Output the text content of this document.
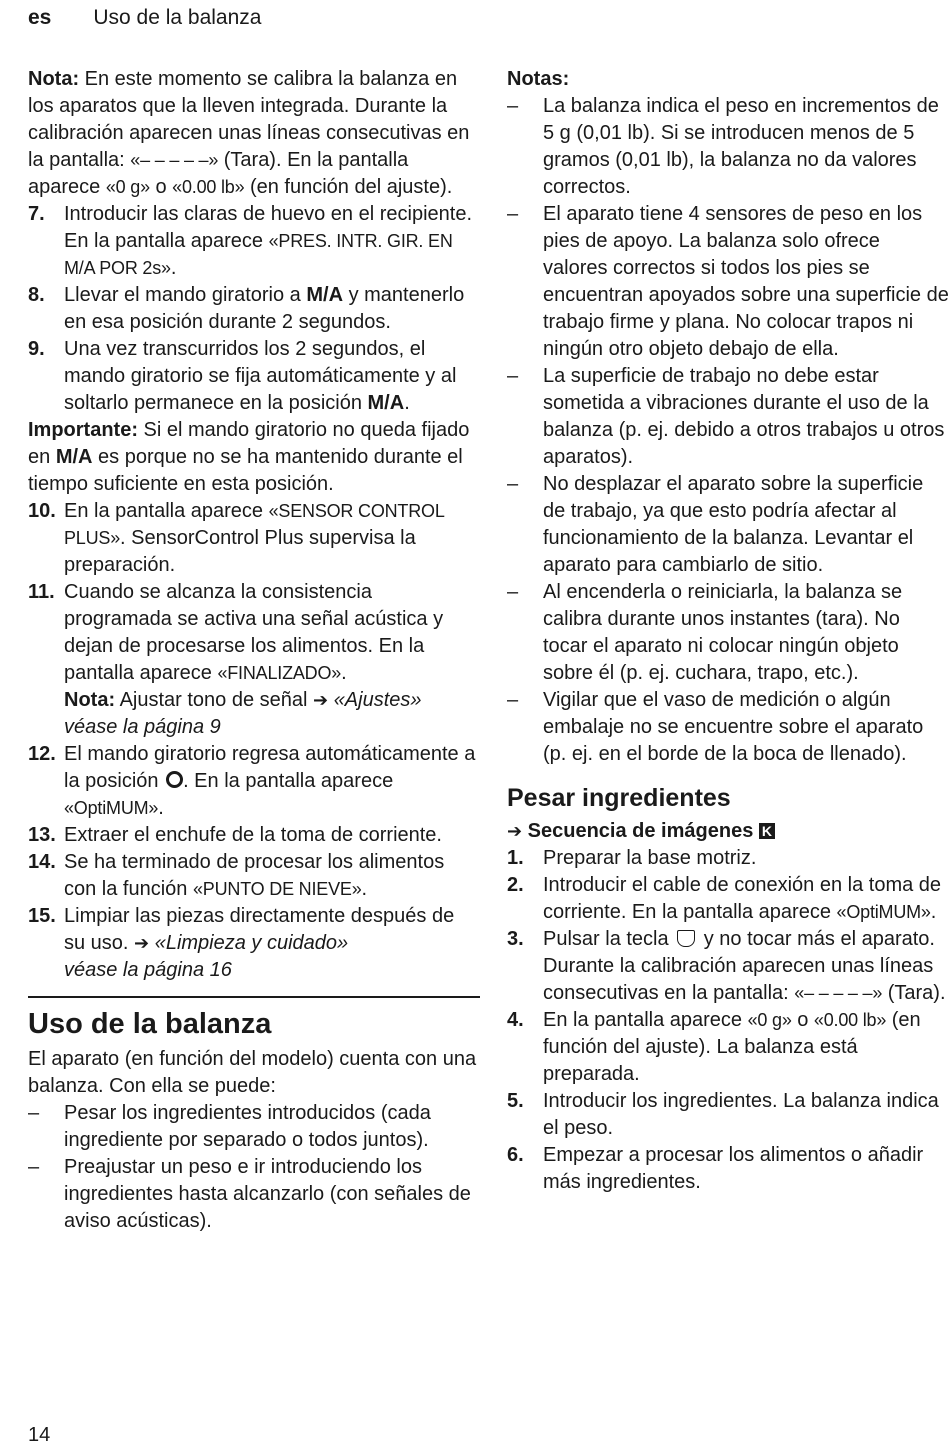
es Uso de la balanza

Nota: En este momento se calibra la balanza en los aparatos que la lleven integrada. Durante la calibración aparecen unas líneas consecutivas en la pantalla: «– – – – –» (Tara). En la pantalla aparece «0 g» o «0.00 lb» (en función del ajuste).

7. Introducir las claras de huevo en el recipiente. En la pantalla aparece «PRES. INTR. GIR. EN M/A POR 2s».
8. Llevar el mando giratorio a M/A y mantenerlo en esa posición durante 2 segundos.
9. Una vez transcurridos los 2 segundos, el mando giratorio se fija automáticamente y al soltarlo permanece en la posición M/A.

Importante: Si el mando giratorio no queda fijado en M/A es porque no se ha mantenido durante el tiempo suficiente en esta posición.

10. En la pantalla aparece «SENSOR CONTROL PLUS». SensorControl Plus supervisa la preparación.
11. Cuando se alcanza la consistencia programada se activa una señal acústica y dejan de procesarse los alimentos. En la pantalla aparece «FINALIZADO».
Nota: Ajustar tono de señal ➔ «Ajustes»
véase la página 9
12. El mando giratorio regresa automáticamente a la posición . En la pantalla aparece «OptiMUM».
13. Extraer el enchufe de la toma de corriente.
14. Se ha terminado de procesar los alimentos con la función «PUNTO DE NIEVE».
15. Limpiar las piezas directamente después de su uso. ➔ «Limpieza y cuidado»
véase la página 16
Uso de la balanza

El aparato (en función del modelo) cuenta con una balanza. Con ella se puede:

–	Pesar los ingredientes introducidos (cada ingrediente por separado o todos juntos).
–	Preajustar un peso e ir introduciendo los ingredientes hasta alcanzarlo (con señales de aviso acústicas).

Notas:

–	La balanza indica el peso en incrementos de 5 g (0,01 lb). Si se introducen menos de 5 gramos (0,01 lb), la balanza no da valores correctos.
–	El aparato tiene 4 sensores de peso en los pies de apoyo. La balanza solo ofrece valores correctos si todos los pies se encuentran apoyados sobre una superficie de trabajo firme y plana. No colocar trapos ni ningún otro objeto debajo de ella.
–	La superficie de trabajo no debe estar sometida a vibraciones durante el uso de la balanza (p. ej. debido a otros trabajos u otros aparatos).
–	No desplazar el aparato sobre la superficie de trabajo, ya que esto podría afectar al funcionamiento de la balanza. Levantar el aparato para cambiarlo de sitio.
–	Al encenderla o reiniciarla, la balanza se calibra durante unos instantes (tara). No tocar el aparato ni colocar ningún objeto sobre él (p. ej. cuchara, trapo, etc.).
–	Vigilar que el vaso de medición o algún embalaje no se encuentre sobre el aparato (p. ej. en el borde de la boca de llenado).
Pesar ingredientes

➔ Secuencia de imágenes K

1. Preparar la base motriz.
2. Introducir el cable de conexión en la toma de corriente. En la pantalla aparece «OptiMUM».
3. Pulsar la tecla  y no tocar más el aparato. Durante la calibración aparecen unas líneas consecutivas en la pantalla: «– – – – –» (Tara).
4. En la pantalla aparece «0 g» o «0.00 lb» (en función del ajuste). La balanza está preparada.
5. Introducir los ingredientes. La balanza indica el peso.
6. Empezar a procesar los alimentos o añadir más ingredientes.
14
